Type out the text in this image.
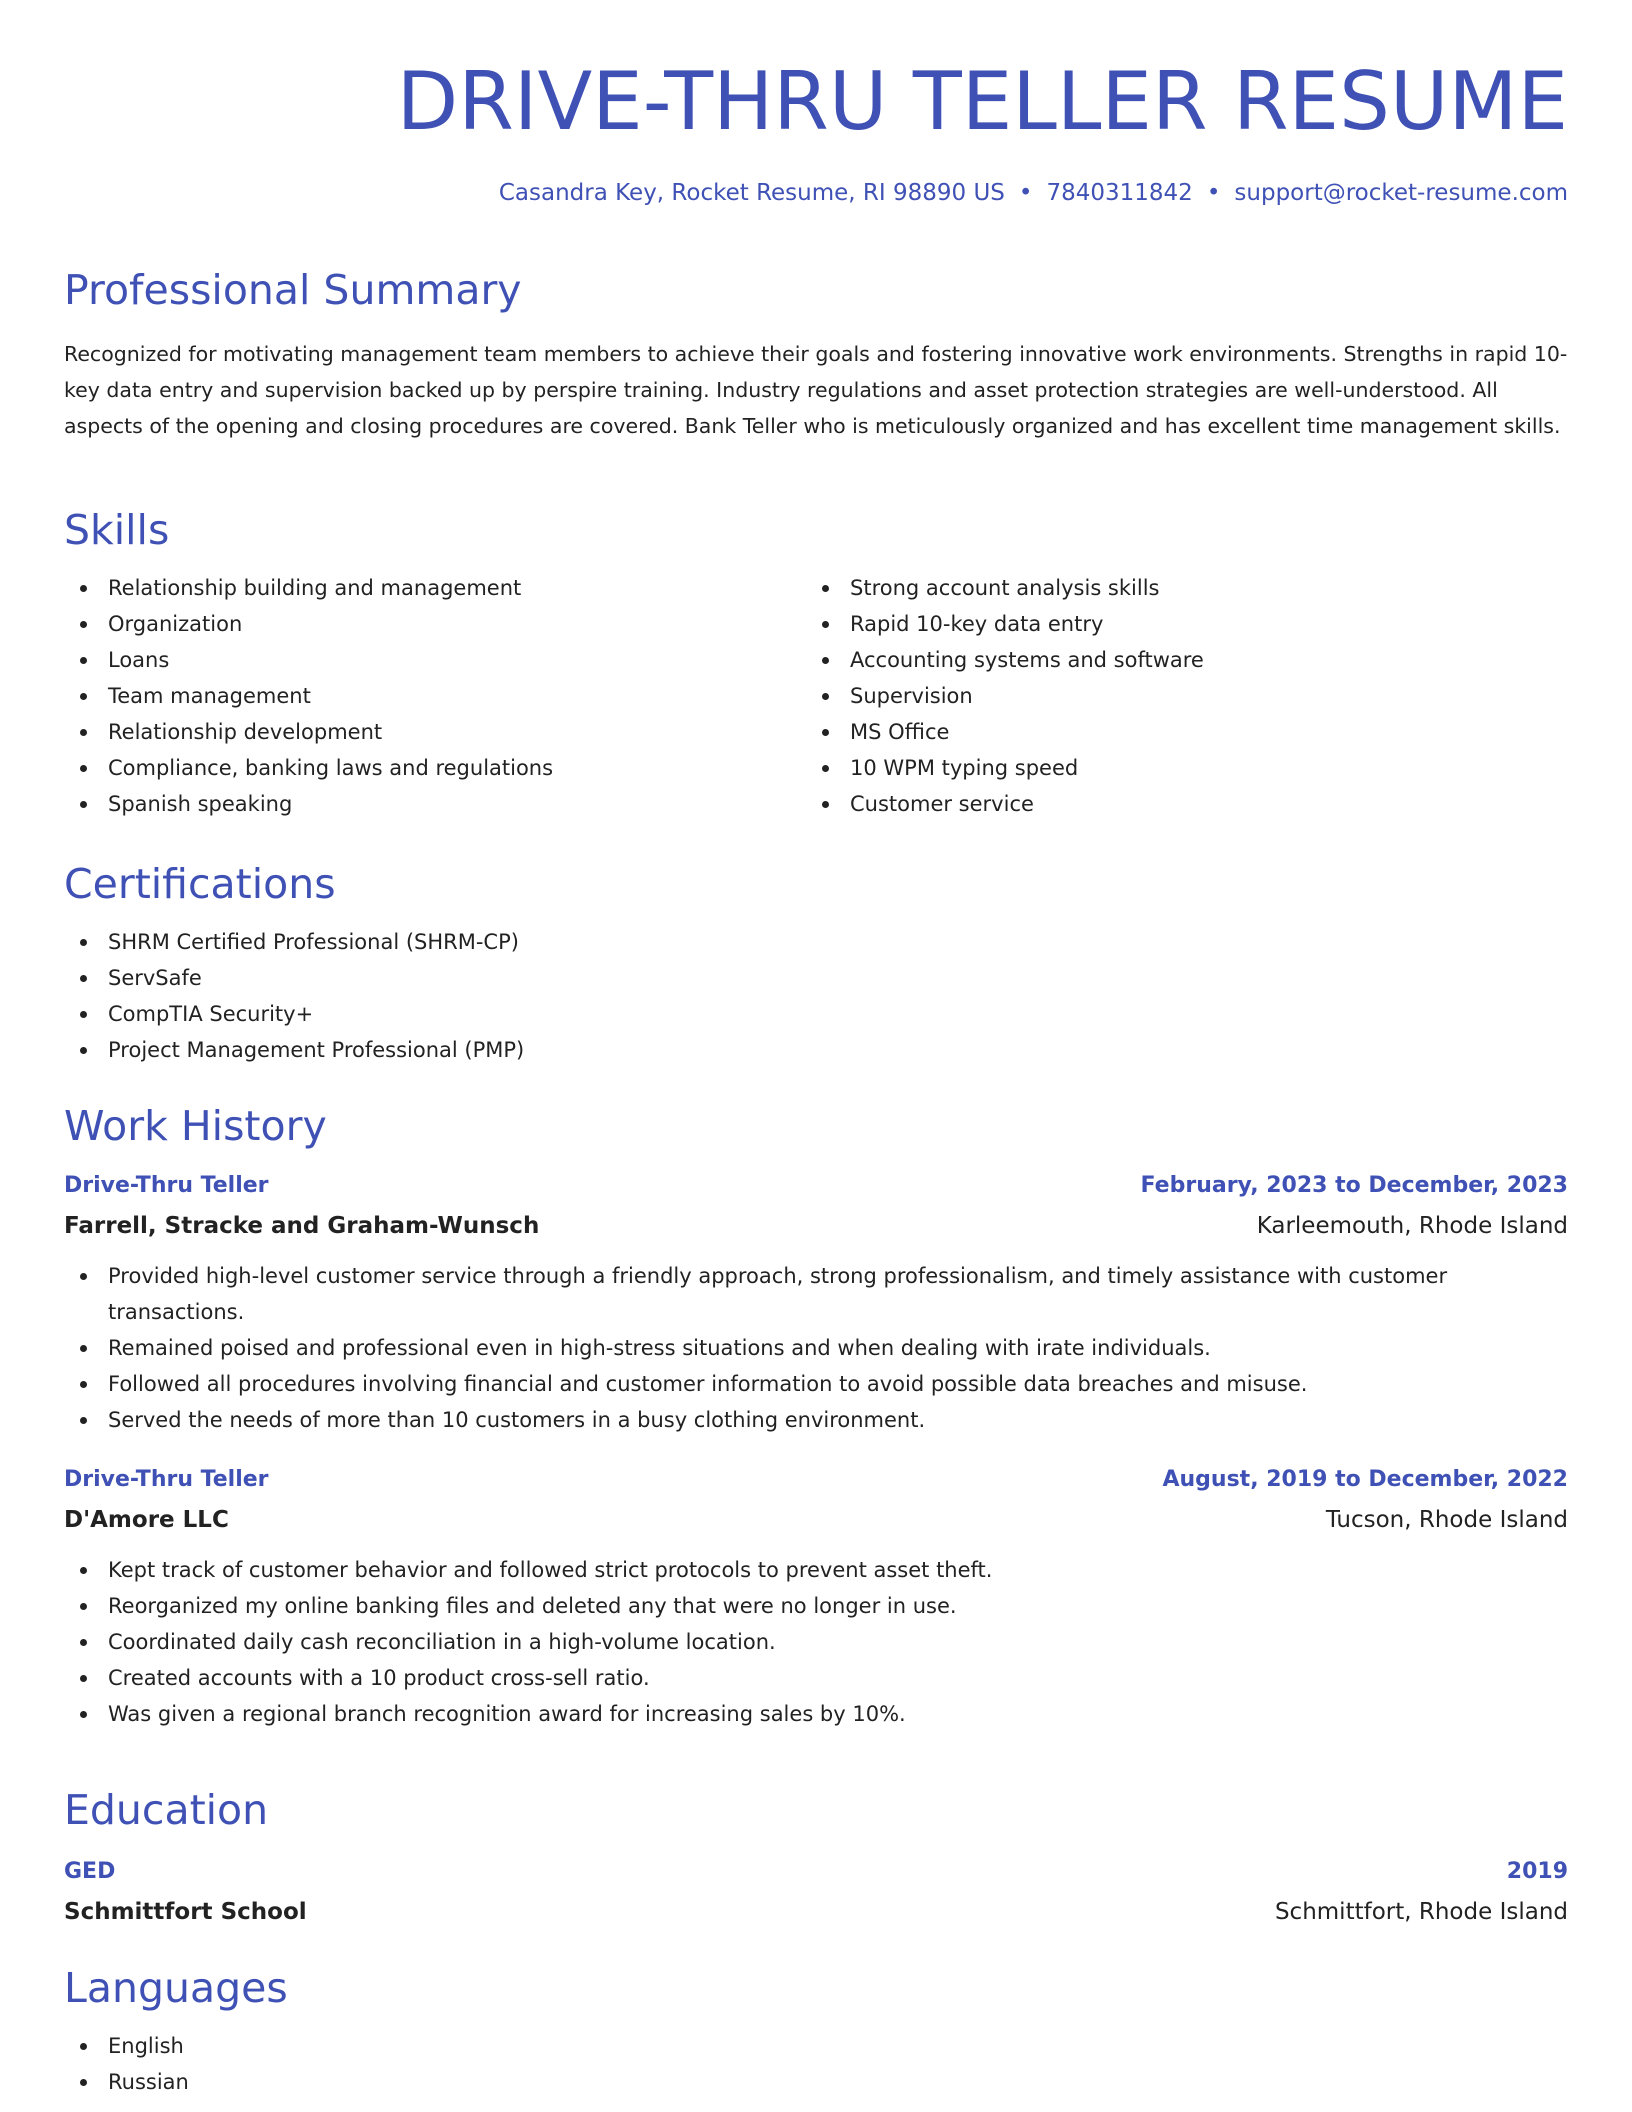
DRIVE-THRU TELLER RESUME
Casandra Key, Rocket Resume, RI 98890 US • 7840311842 • support@rocket-resume.com
Professional Summary

Recognized for motivating management team members to achieve their goals and fostering innovative work environments. Strengths in rapid 10-key data entry and supervision backed up by perspire training. Industry regulations and asset protection strategies are well-understood. All aspects of the opening and closing procedures are covered. Bank Teller who is meticulously organized and has excellent time management skills.

Skills
Relationship building and management
Organization
Loans
Team management
Relationship development
Compliance, banking laws and regulations
Spanish speaking
Strong account analysis skills
Rapid 10-key data entry
Accounting systems and software
Supervision
MS Office
10 WPM typing speed
Customer service
Certifications
SHRM Certified Professional (SHRM-CP)
ServSafe
CompTIA Security+
Project Management Professional (PMP)
Work History
Drive-Thru Teller	February, 2023 to December, 2023
Farrell, Stracke and Graham-Wunsch	Karleemouth, Rhode Island
Provided high-level customer service through a friendly approach, strong professionalism, and timely assistance with customer transactions.
Remained poised and professional even in high-stress situations and when dealing with irate individuals.
Followed all procedures involving financial and customer information to avoid possible data breaches and misuse.
Served the needs of more than 10 customers in a busy clothing environment.
Drive-Thru Teller	August, 2019 to December, 2022
D'Amore LLC	Tucson, Rhode Island
Kept track of customer behavior and followed strict protocols to prevent asset theft.
Reorganized my online banking files and deleted any that were no longer in use.
Coordinated daily cash reconciliation in a high-volume location.
Created accounts with a 10 product cross-sell ratio.
Was given a regional branch recognition award for increasing sales by 10%.
Education
GED	2019
Schmittfort School	Schmittfort, Rhode Island
Languages
English
Russian
